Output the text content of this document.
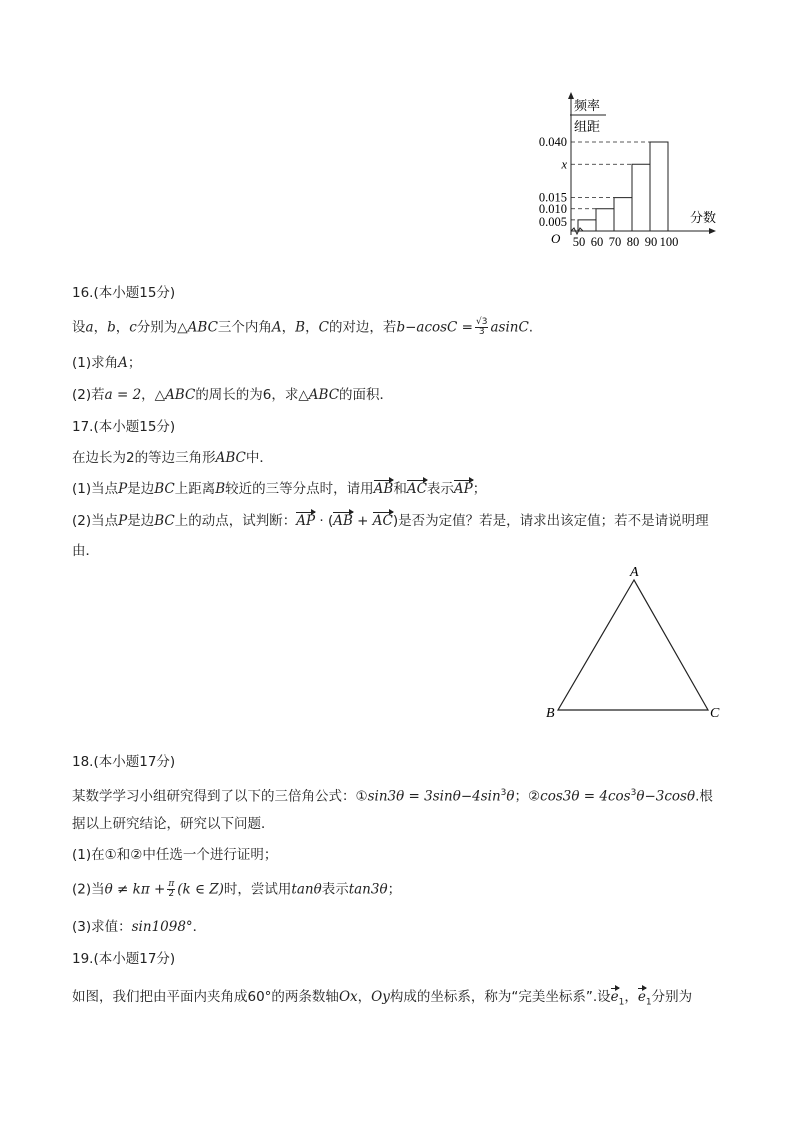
频率
组距
O
分数
0.040
x
0.015
0.010
0.005
50 60 70 80 90 100
16.(本小题15分)
设a，b，c分别为△ABC三个内角A，B，C的对边，若$b-acosC = \frac{√3}{3} asinC$.
(1)求角A；
(2)若a = 2，△ABC的周长的为6，求△ABC的面积．
17.(本小题15分)
在边长为2的等边三角形ABC中．
(1)当点P是边BC上距离B较近的三等分点时，请用AB和AC表示AP；
(2)当点P是边BC上的动点，试判断：AP · (AB + AC)是否为定值？若是，请求出该定值；若不是请说明理
由．
A
B	C
18.(本小题17分)
某数学学习小组研究得到了以下的三倍角公式：①sin3θ = $3\sin\theta-4\sin^3\theta$；②cos3θ = $4\cos^3\theta-3\cos\theta$.根
据以上研究结论，研究以下问题．
(1)在①和②中任选一个进行证明；
(2)当$\theta \ne k\pi + \frac{\pi}{2} (k$ ∈ Z)时，尝试用tanθ表示tan3θ；
(3)求值：sin1098°．
19.(本小题17分)
如图，我们把由平面内夹角成60°的两条数轴Ox，Oy构成的坐标系，称为“完美坐标系”.设$e_1$，$e_1$分别为
